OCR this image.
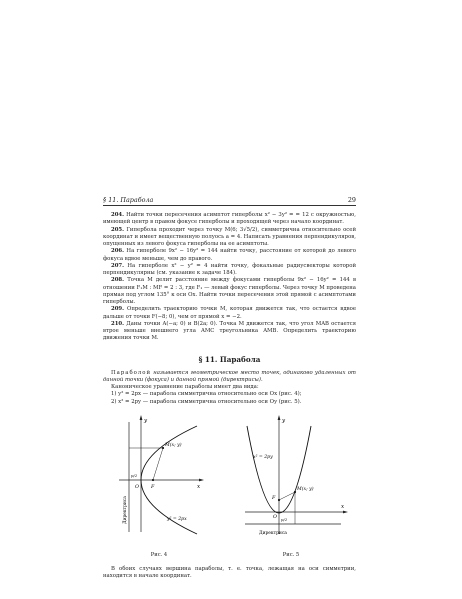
§ 11. Парабола	29

204. Найти точки пересечения асимптот гиперболы x² − 3y² = = 12 с окружностью, имеющей центр в правом фокусе гиперболы и проходящей через начало координат.

205. Гипербола проходит через точку M(6; 3√5/2), симметрична относительно осей координат и имеет вещественную полуось a = 4. Написать уравнения перпендикуляров, опущенных из левого фокуса гиперболы на ее асимптоты.

206. На гиперболе 9x² − 16y² = 144 найти точку, расстояние от которой до левого фокуса вдвое меньше, чем до правого.

207. На гиперболе x² − y² = 4 найти точку, фокальные радиусвекторы которой перпендикулярны (см. указание к задаче 184).

208. Точка M делит расстояние между фокусами гиперболы 9x² − 16y² = 144 в отношении F₁M : MF = 2 : 3, где F₁ — левый фокус гиперболы. Через точку M проведена прямая под углом 135° к оси Ox. Найти точки пересечения этой прямой с асимптотами гиперболы.

209. Определить траекторию точки M, которая движется так, что остается вдвое дальше от точки F(−8; 0), чем от прямой x = −2.

210. Даны точки A(−a; 0) и B(2a; 0). Точка M движется так, что угол MAB остается втрое меньше внешнего угла AMC треугольника AMB. Определить траекторию движения точки M.

§ 11. Парабола

Параболой называется геометрическое место точек, одинаково удаленных от данной точки (фокуса) и данной прямой (директрисы).

Каноническое уравнение параболы имеет два вида:

1) y² = 2px — парабола симметрична относительно оси Ox (рис. 4);

2) x² = 2py — парабола симметрична относительно оси Oy (рис. 5).

y
x
M(x; y)
y² = 2px
O	F
p/2
Директриса
Рис. 4
y
x
M(x; y)
x² = 2py
O
F
p/2
Директриса
Рис. 5

В обоих случаях вершина параболы, т. е. точка, лежащая на оси симметрии, находится в начале координат.
